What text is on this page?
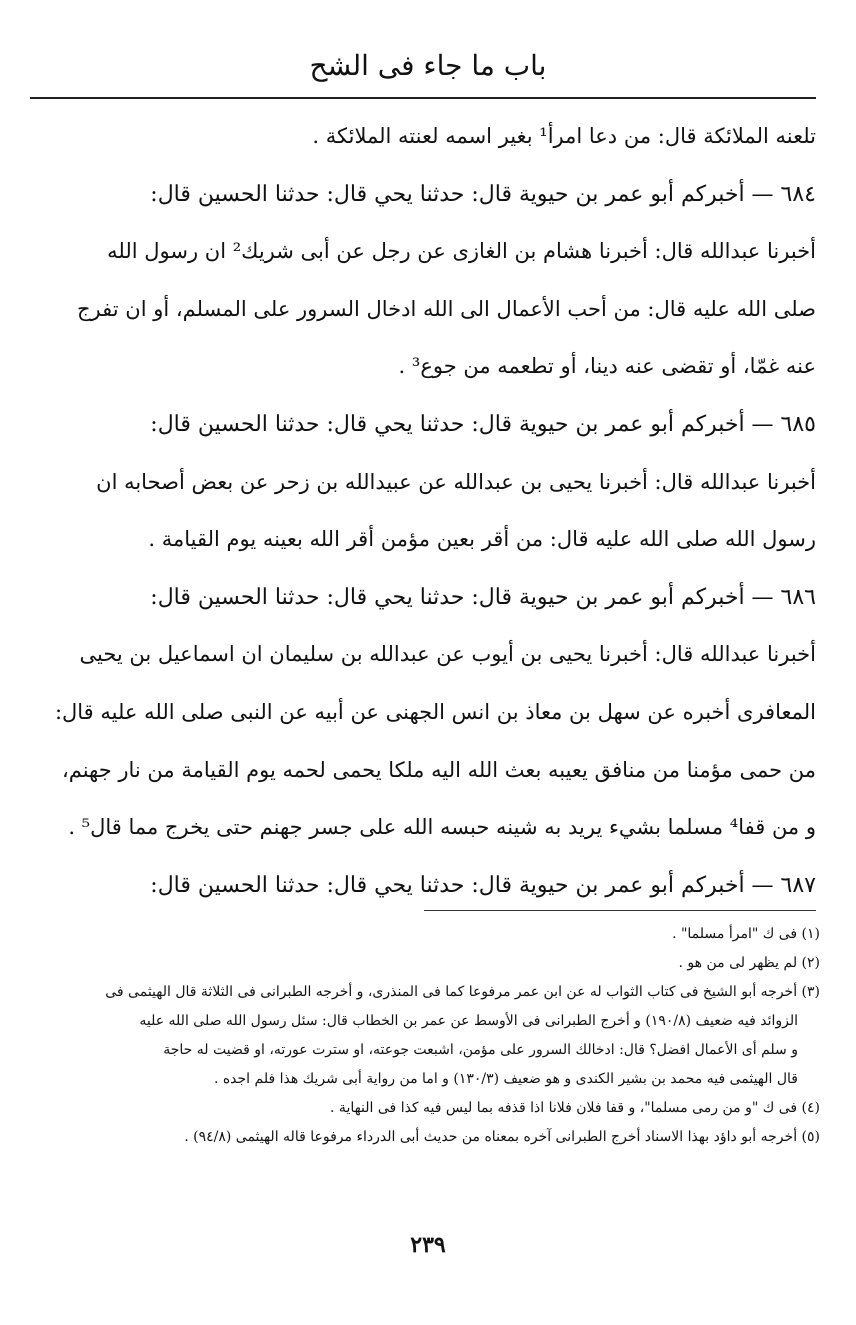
باب ما جاء فى الشح
تلعنه الملائكة قال: من دعا امرأ¹ بغير اسمه لعنته الملائكة .
٦٨٤ — أخبركم أبو عمر بن حيوية قال: حدثنا يحي قال: حدثنا الحسين قال:
أخبرنا عبدالله قال: أخبرنا هشام بن الغازى عن رجل عن أبى شريك² ان رسول الله
صلى الله عليه قال: من أحب الأعمال الى الله ادخال السرور على المسلم، أو ان تفرج
عنه غمّا، أو تقضى عنه دينا، أو تطعمه من جوع³ .
٦٨٥ — أخبركم أبو عمر بن حيوية قال: حدثنا يحي قال: حدثنا الحسين قال:
أخبرنا عبدالله قال: أخبرنا يحيى بن عبدالله عن عبيدالله بن زحر عن بعض أصحابه ان
رسول الله صلى الله عليه قال: من أقر بعين مؤمن أقر الله بعينه يوم القيامة .
٦٨٦ — أخبركم أبو عمر بن حيوية قال: حدثنا يحي قال: حدثنا الحسين قال:
أخبرنا عبدالله قال: أخبرنا يحيى بن أيوب عن عبدالله بن سليمان ان اسماعيل بن يحيى
المعافرى أخبره عن سهل بن معاذ بن انس الجهنى عن أبيه عن النبى صلى الله عليه قال:
من حمى مؤمنا من منافق يعيبه بعث الله اليه ملكا يحمى لحمه يوم القيامة من نار جهنم،
و من قفا⁴ مسلما بشيء يريد به شينه حبسه الله على جسر جهنم حتى يخرج مما قال⁵ .
٦٨٧ — أخبركم أبو عمر بن حيوية قال: حدثنا يحي قال: حدثنا الحسين قال:
(١) فى ك "امرأ مسلما" .
(٢) لم يظهر لى من هو .
(٣) أخرجه أبو الشيخ فى كتاب الثواب له عن ابن عمر مرفوعا كما فى المنذرى، و أخرجه الطبرانى فى الثلاثة قال الهيثمى فى
الزوائد فيه ضعيف (١٩٠/٨) و أخرج الطبرانى فى الأوسط عن عمر بن الخطاب قال: سئل رسول الله صلى الله عليه
و سلم أى الأعمال افضل؟ قال: ادخالك السرور على مؤمن، اشبعت جوعته، او سترت عورته، او قضيت له حاجة
قال الهيثمى فيه محمد بن بشير الكندى و هو ضعيف (١٣٠/٣) و اما من رواية أبى شريك هذا فلم اجده .
(٤) فى ك "و من رمى مسلما"، و قفا فلان فلانا اذا قذفه بما ليس فيه كذا فى النهاية .
(٥) أخرجه أبو داؤد بهذا الاسناد أخرج الطبرانى آخره بمعناه من حديث أبى الدرداء مرفوعا قاله الهيثمى (٩٤/٨) .
٢٣٩
